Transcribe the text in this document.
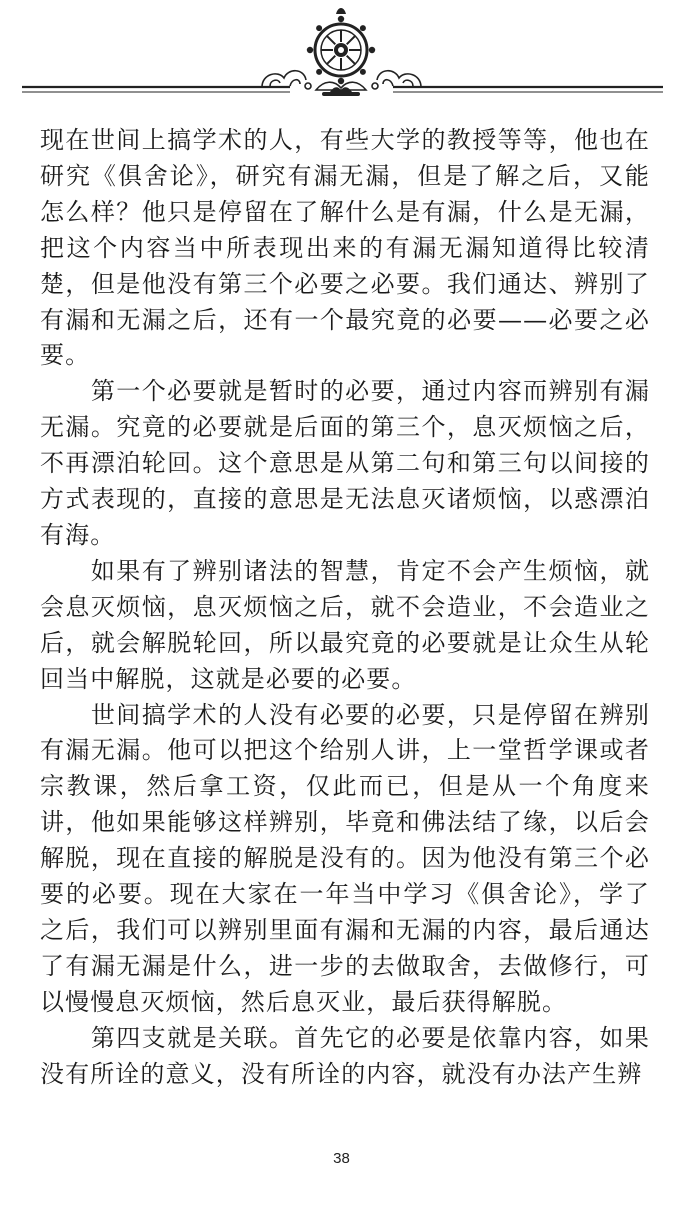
现在世间上搞学术的人，有些大学的教授等等，他也在研究《俱舍论》，研究有漏无漏，但是了解之后，又能怎么样？他只是停留在了解什么是有漏，什么是无漏，把这个内容当中所表现出来的有漏无漏知道得比较清楚，但是他没有第三个必要之必要。我们通达、辨别了有漏和无漏之后，还有一个最究竟的必要——必要之必要。

　　第一个必要就是暂时的必要，通过内容而辨别有漏无漏。究竟的必要就是后面的第三个，息灭烦恼之后，不再漂泊轮回。这个意思是从第二句和第三句以间接的方式表现的，直接的意思是无法息灭诸烦恼，以惑漂泊有海。

　　如果有了辨别诸法的智慧，肯定不会产生烦恼，就会息灭烦恼，息灭烦恼之后，就不会造业，不会造业之后，就会解脱轮回，所以最究竟的必要就是让众生从轮回当中解脱，这就是必要的必要。

　　世间搞学术的人没有必要的必要，只是停留在辨别有漏无漏。他可以把这个给别人讲，上一堂哲学课或者宗教课，然后拿工资，仅此而已，但是从一个角度来讲，他如果能够这样辨别，毕竟和佛法结了缘，以后会解脱，现在直接的解脱是没有的。因为他没有第三个必要的必要。现在大家在一年当中学习《俱舍论》，学了之后，我们可以辨别里面有漏和无漏的内容，最后通达了有漏无漏是什么，进一步的去做取舍，去做修行，可以慢慢息灭烦恼，然后息灭业，最后获得解脱。

　　第四支就是关联。首先它的必要是依靠内容，如果没有所诠的意义，没有所诠的内容，就没有办法产生辨

38
